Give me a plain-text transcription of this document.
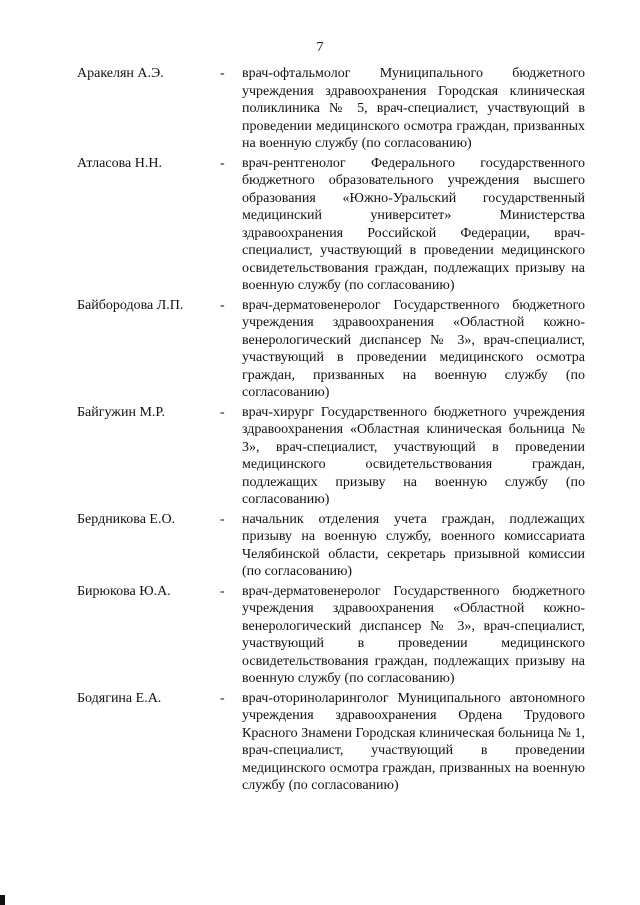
7
Аракелян А.Э.	- врач-офтальмолог Муниципального бюджетного учреждения здравоохранения Городская клиническая поликлиника № 5, врач-специалист, участвующий в проведении медицинского осмотра граждан, призванных на военную службу (по согласованию)
Атласова Н.Н.	- врач-рентгенолог Федерального государственного бюджетного образовательного учреждения высшего образования «Южно-Уральский государственный медицинский университет» Министерства здравоохранения Российской Федерации, врач-специалист, участвующий в проведении медицинского освидетельствования граждан, подлежащих призыву на военную службу (по согласованию)
Байбородова Л.П.	- врач-дерматовенеролог Государственного бюджетного учреждения здравоохранения «Областной кожно-венерологический диспансер № 3», врач-специалист, участвующий в проведении медицинского осмотра граждан, призванных на военную службу (по согласованию)
Байгужин М.Р.	- врач-хирург Государственного бюджетного учреждения здравоохранения «Областная клиническая больница № 3», врач-специалист, участвующий в проведении медицинского освидетельствования граждан, подлежащих призыву на военную службу (по согласованию)
Бердникова Е.О.	- начальник отделения учета граждан, подлежащих призыву на военную службу, военного комиссариата Челябинской области, секретарь призывной комиссии (по согласованию)
Бирюкова Ю.А.	- врач-дерматовенеролог Государственного бюджетного учреждения здравоохранения «Областной кожно-венерологический диспансер № 3», врач-специалист, участвующий в проведении медицинского освидетельствования граждан, подлежащих призыву на военную службу (по согласованию)
Бодягина Е.А.	- врач-оториноларинголог Муниципального автономного учреждения здравоохранения Ордена Трудового Красного Знамени Городская клиническая больница № 1, врач-специалист, участвующий в проведении медицинского осмотра граждан, призванных на военную службу (по согласованию)
